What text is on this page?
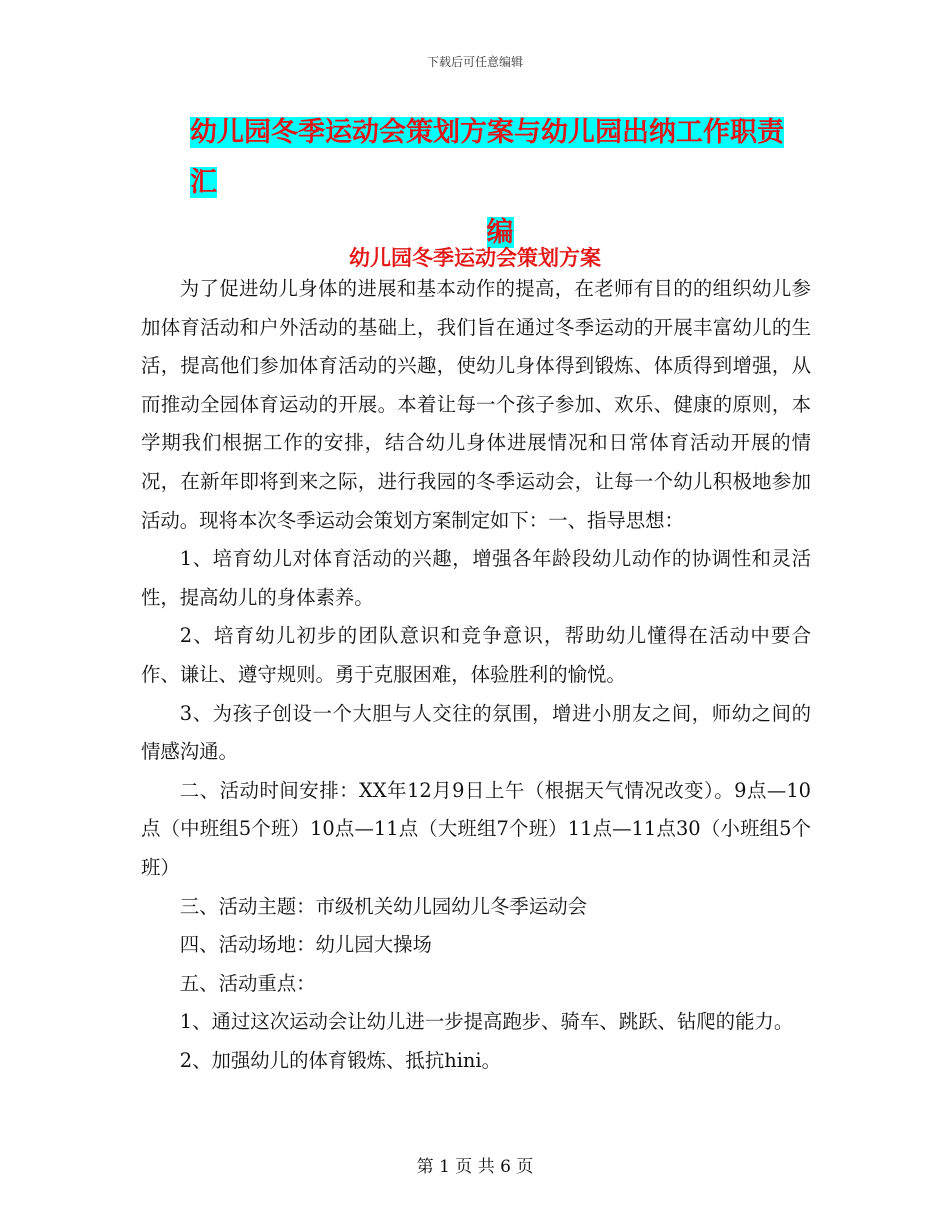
下载后可任意编辑
幼儿园冬季运动会策划方案与幼儿园出纳工作职责汇
编
幼儿园冬季运动会策划方案

为了促进幼儿身体的进展和基本动作的提高，在老师有目的的组织幼儿参加体育活动和户外活动的基础上，我们旨在通过冬季运动的开展丰富幼儿的生活，提高他们参加体育活动的兴趣，使幼儿身体得到锻炼、体质得到增强，从而推动全园体育运动的开展。本着让每一个孩子参加、欢乐、健康的原则，本学期我们根据工作的安排，结合幼儿身体进展情况和日常体育活动开展的情况，在新年即将到来之际，进行我园的冬季运动会，让每一个幼儿积极地参加活动。现将本次冬季运动会策划方案制定如下：一、指导思想：

1、培育幼儿对体育活动的兴趣，增强各年龄段幼儿动作的协调性和灵活性，提高幼儿的身体素养。

2、培育幼儿初步的团队意识和竞争意识，帮助幼儿懂得在活动中要合作、谦让、遵守规则。勇于克服困难，体验胜利的愉悦。

3、为孩子创设一个大胆与人交往的氛围，增进小朋友之间，师幼之间的情感沟通。

二、活动时间安排：XX年12月9日上午（根据天气情况改变）。9点—10点（中班组5个班）10点—11点（大班组7个班）11点—11点30（小班组5个班）

三、活动主题：市级机关幼儿园幼儿冬季运动会

四、活动场地：幼儿园大操场

五、活动重点：

1、通过这次运动会让幼儿进一步提高跑步、骑车、跳跃、钻爬的能力。

2、加强幼儿的体育锻炼、抵抗hini。

第 1 页 共 6 页
